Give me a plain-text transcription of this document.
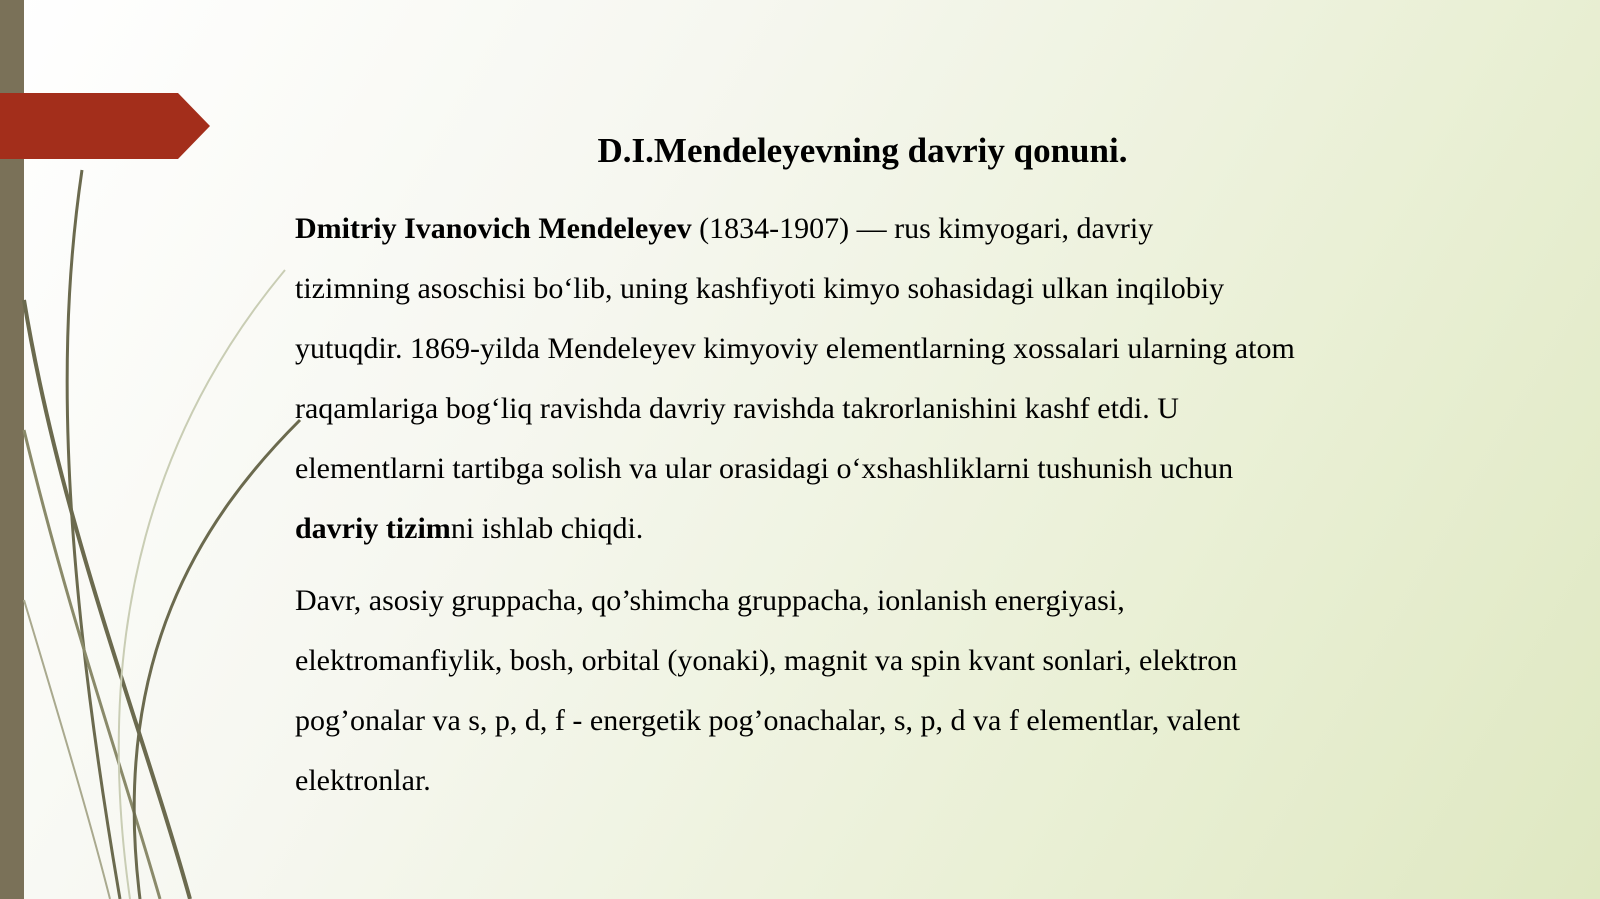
D.I.Mendeleyevning davriy qonuni.

Dmitriy Ivanovich Mendeleyev (1834-1907) — rus kimyogari, davriy
tizimning asoschisi bo‘lib, uning kashfiyoti kimyo sohasidagi ulkan inqilobiy
yutuqdir. 1869-yilda Mendeleyev kimyoviy elementlarning xossalari ularning atom
raqamlariga bog‘liq ravishda davriy ravishda takrorlanishini kashf etdi. U
elementlarni tartibga solish va ular orasidagi o‘xshashliklarni tushunish uchun
davriy tizimni ishlab chiqdi.

Davr, asosiy gruppacha, qo’shimcha gruppacha, ionlanish energiyasi,
elektromanfiylik, bosh, orbital (yonaki), magnit va spin kvant sonlari, elektron
pog’onalar va s, p, d, f - energetik pog’onachalar, s, p, d va f elementlar, valent
elektronlar.
